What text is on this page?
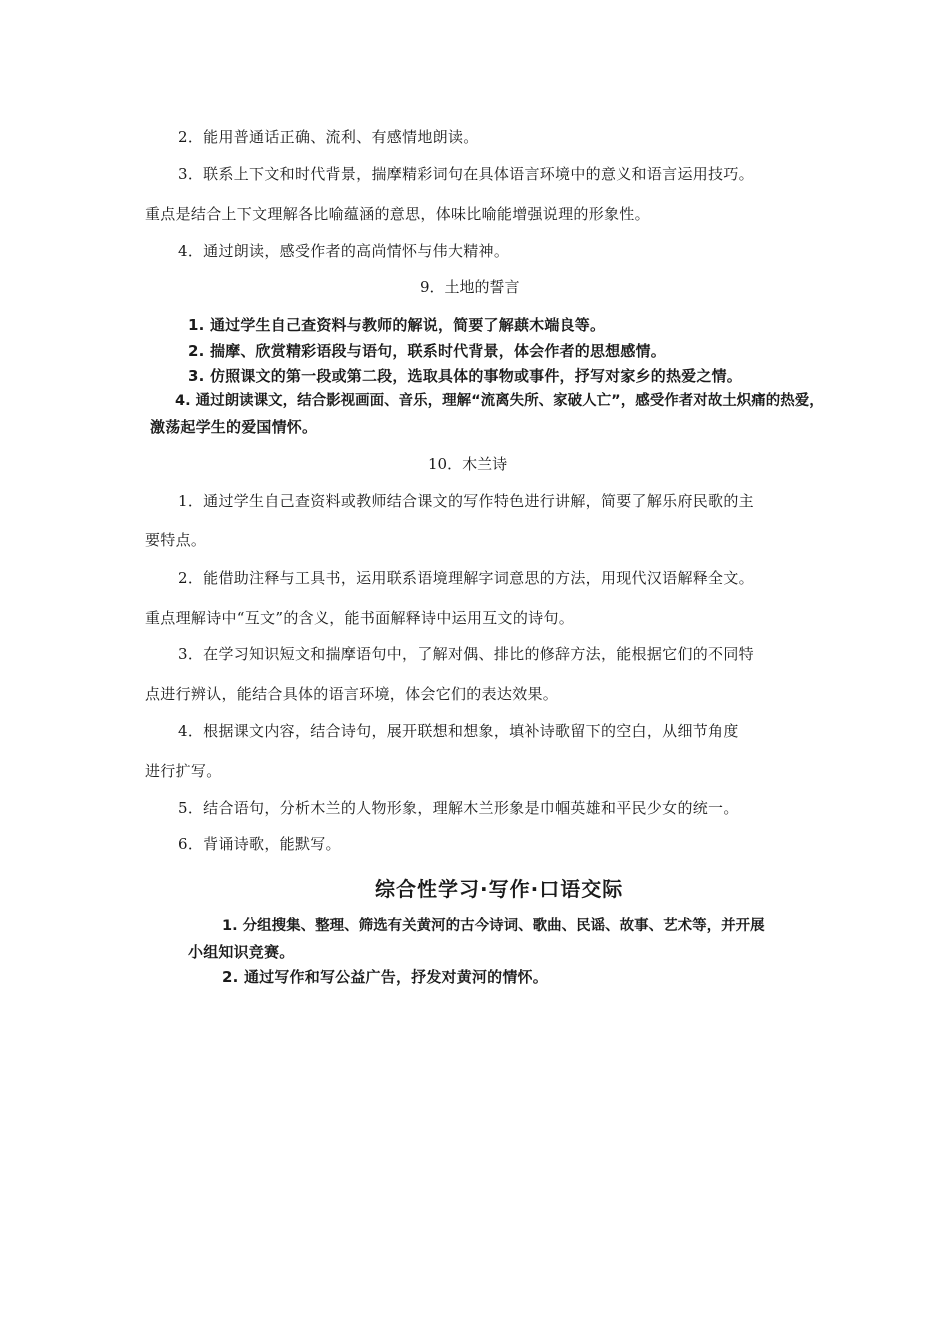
2．能用普通话正确、流利、有感情地朗读。
3．联系上下文和时代背景，揣摩精彩词句在具体语言环境中的意义和语言运用技巧。
重点是结合上下文理解各比喻蕴涵的意思，体味比喻能增强说理的形象性。
4．通过朗读，感受作者的高尚情怀与伟大精神。
9．土地的誓言
1. 通过学生自己查资料与教师的解说，简要了解蕻木端良等。
2. 揣摩、欣赏精彩语段与语句，联系时代背景，体会作者的思想感情。
3. 仿照课文的第一段或第二段，选取具体的事物或事件，抒写对家乡的热爱之情。
4. 通过朗读课文，结合影视画面、音乐，理解“流离失所、家破人亡”，感受作者对故土炽痛的热爱，
激荡起学生的爱国情怀。
10．木兰诗
1．通过学生自己查资料或教师结合课文的写作特色进行讲解，简要了解乐府民歌的主
要特点。
2．能借助注释与工具书，运用联系语境理解字词意思的方法，用现代汉语解释全文。
重点理解诗中“互文”的含义，能书面解释诗中运用互文的诗句。
3．在学习知识短文和揣摩语句中，了解对偶、排比的修辞方法，能根据它们的不同特
点进行辨认，能结合具体的语言环境，体会它们的表达效果。
4．根据课文内容，结合诗句，展开联想和想象，填补诗歌留下的空白，从细节角度
进行扩写。
5．结合语句，分析木兰的人物形象，理解木兰形象是巾帼英雄和平民少女的统一。
6．背诵诗歌，能默写。
综合性学习·写作·口语交际
1. 分组搜集、整理、筛选有关黄河的古今诗词、歌曲、民谣、故事、艺术等，并开展
小组知识竞赛。
2. 通过写作和写公益广告，抒发对黄河的情怀。
